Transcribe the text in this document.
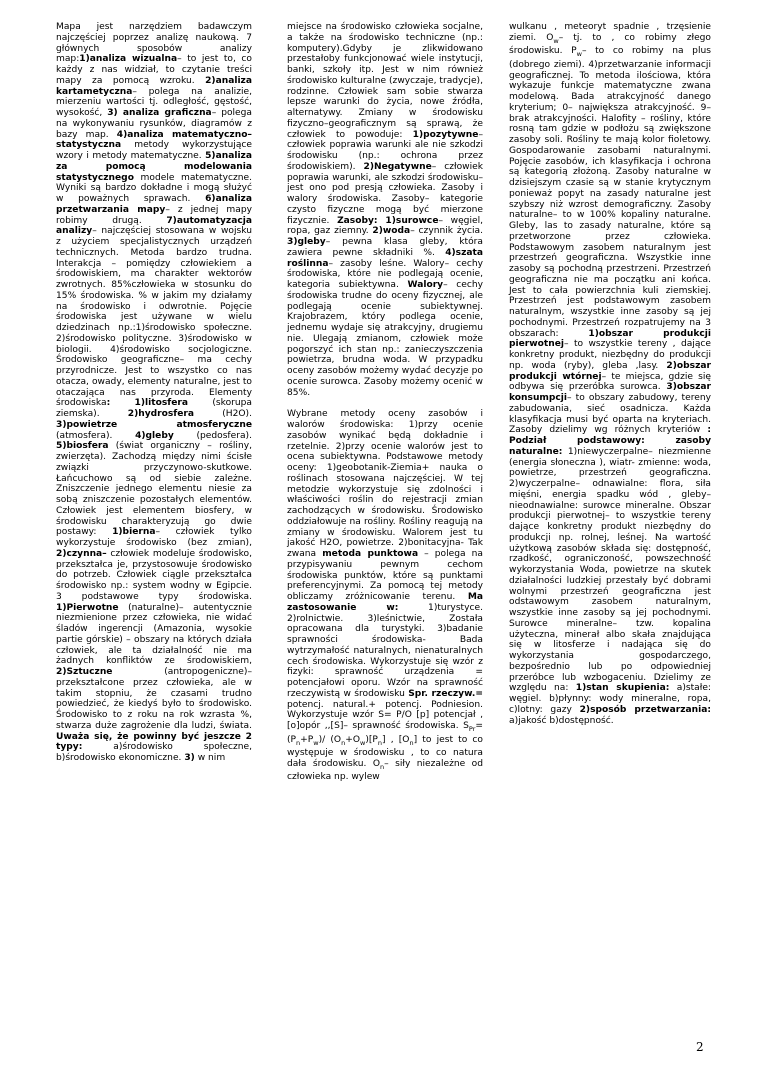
Mapa jest narzędziem badawczym najczęściej poprzez analizę naukową. 7 głównych sposobów analizy map:1)analiza wizualna– to jest to, co każdy z nas widział, to czytanie treści mapy za pomocą wzroku. 2)analiza kartametyczna– polega na analizie, mierzeniu wartości tj. odległość, gęstość, wysokość, 3) analiza graficzna– polega na wykonywaniu rysunków, diagramów z bazy map. 4)analiza matematyczno– statystyczna metody wykorzystujące wzory i metody matematyczne. 5)analiza za pomocą modelowania statystycznego modele matematyczne. Wyniki są bardzo dokładne i mogą służyć w poważnych sprawach. 6)analiza przetwarzania mapy– z jednej mapy robimy drugą. 7)automatyzacja analizy– najczęściej stosowana w wojsku z użyciem specjalistycznych urządzeń technicznych. Metoda bardzo trudna. Interakcja – pomiędzy człowiekiem a środowiskiem, ma charakter wektorów zwrotnych. 85%człowieka w stosunku do 15% środowiska. % w jakim my działamy na środowisko i odwrotnie. Pojęcie środowiska jest używane w wielu dziedzinach np.:1)środowisko społeczne. 2)środowisko polityczne. 3)środowisko w biologii. 4)środowisko socjologiczne. Środowisko geograficzne– ma cechy przyrodnicze. Jest to wszystko co nas otacza, owady, elementy naturalne, jest to otaczająca nas przyroda. Elementy środowiska:	1)litosfera (skorupa ziemska). 2)hydrosfera (H2O). 3)powietrze atmosferyczne (atmosfera). 4)gleby (pedosfera). 5)biosfera (świat organiczny – rośliny, zwierzęta). Zachodzą między nimi ścisłe związki przyczynowo-skutkowe. Łańcuchowo są od siebie zależne. Zniszczenie jednego elementu niesie za sobą zniszczenie pozostałych elementów. Człowiek jest elementem biosfery, w środowisku charakteryzują go dwie postawy: 1)bierna– człowiek tylko wykorzystuje środowisko (bez zmian), 2)czynna– człowiek modeluje środowisko, przekształca je, przystosowuje środowisko do potrzeb. Człowiek ciągle przekształca środowisko np.: system wodny w Egipcie. 3 podstawowe typy środowiska. 1)Pierwotne (naturalne)– autentycznie niezmienione przez człowieka, nie widać śladów ingerencji (Amazonia, wysokie partie górskie) – obszary na których działa człowiek, ale ta działalność nie ma żadnych konfliktów ze środowiskiem, 2)Sztuczne (antropogeniczne)– przekształcone przez człowieka, ale w takim stopniu, że czasami trudno powiedzieć, że kiedyś było to środowisko. Środowisko to z roku na rok wzrasta %, stwarza duże zagrożenie dla ludzi, świata. Uważa się, że powinny być jeszcze 2 typy: a)środowisko społeczne, b)środowisko ekonomiczne. 3) w nim

miejsce na środowisko człowieka socjalne, a także na środowisko techniczne (np.: komputery).Gdyby je zlikwidowano przestałoby funkcjonować wiele instytucji, banki, szkoły itp. Jest w nim również środowisko kulturalne (zwyczaje, tradycje), rodzinne. Człowiek sam sobie stwarza lepsze warunki do życia, nowe źródła, alternatywy. Zmiany w środowisku fizyczno–geograficznym są sprawą, że człowiek to powoduje: 1)pozytywne– człowiek poprawia warunki ale nie szkodzi środowisku (np.: ochrona przez środowiskiem). 2)Negatywne– człowiek poprawia warunki, ale szkodzi środowisku– jest ono pod presją człowieka. Zasoby i walory środowiska. Zasoby– kategorie czysto fizyczne mogą być mierzone fizycznie. Zasoby: 1)surowce– węgiel, ropa, gaz ziemny. 2)woda– czynnik życia. 3)gleby– pewna klasa gleby, która zawiera pewne składniki %. 4)szata roślinna– zasoby leśne. Walory– cechy środowiska, które nie podlegają ocenie, kategoria subiektywna. Walory– cechy środowiska trudne do oceny fizycznej, ale podlegają ocenie subiektywnej. Krajobrazem, który podlega ocenie, jednemu wydaje się atrakcyjny, drugiemu nie. Ulegają zmianom, człowiek może pogorszyć ich stan np.: zanieczyszczenia powietrza, brudna woda. W przypadku oceny zasobów możemy wydać decyzje po ocenie surowca. Zasoby możemy ocenić w 85%.

Wybrane metody oceny zasobów i walorów środowiska: 1)przy ocenie zasobów wynikać będą dokładnie i rzetelnie. 2)przy ocenie walorów jest to ocena subiektywna. Podstawowe metody oceny: 1)geobotanik-Ziemia+ nauka o roślinach stosowana najczęściej. W tej metodzie wykorzystuje się zdolności i właściwości roślin do rejestracji zmian zachodzących w środowisku. Środowisko oddziałowuje na rośliny. Rośliny reagują na zmiany w środowisku. Walorem jest tu jakość H2O, powietrze. 2)bonitacyjna- Tak zwana metoda punktowa – polega na przypisywaniu pewnym cechom środowiska punktów, które są punktami preferencyjnymi. Za pomocą tej metody obliczamy zróżnicowanie terenu. Ma zastosowanie w: 1)turystyce. 2)rolnictwie. 3)leśnictwie, Została opracowana dla turystyki. 3)badanie sprawności środowiska- Bada wytrzymałość naturalnych, nienaturalnych cech środowiska. Wykorzystuje się wzór z fizyki: sprawność urządzenia = potencjałowi oporu. Wzór na sprawność rzeczywistą w środowisku Spr. rzeczyw.= potencj. natural.+ potencj. Podniesion. Wykorzystuje wzór S= P/O [p] potencjał ,[o]opór ,,[S]– sprawność środowiska. $S_{Pr}= (P_n+P_w)/$ $(O_n+O_w)[P_n]$ , $[O_n]$ to jest to co występuje w środowisku , to co natura dała środowisku. $O_n-$ siły niezależne od człowieka np. wylew

wulkanu , meteoryt spadnie , trzęsienie ziemi. $O_w-$ tj. to , co robimy złego środowisku. $P_w-$ to co robimy na plus (dobrego ziemi). 4)przetwarzanie informacji geograficznej. To metoda ilościowa, która wykazuje funkcje matematyczne zwana modelową. Bada atrakcyjność danego kryterium; 0– największa atrakcyjność. 9– brak atrakcyjności. Halofity – rośliny, które rosną tam gdzie w podłożu są zwiększone zasoby soli. Rośliny te mają kolor fioletowy. Gospodarowanie zasobami naturalnymi. Pojęcie zasobów, ich klasyfikacja i ochrona są kategorią złożoną. Zasoby naturalne w dzisiejszym czasie są w stanie krytycznym ponieważ popyt na zasady naturalne jest szybszy niż wzrost demograficzny. Zasoby naturalne– to w 100% kopaliny naturalne. Gleby, las to zasady naturalne, które są przetworzone przez człowieka. Podstawowym zasobem naturalnym jest przestrzeń geograficzna. Wszystkie inne zasoby są pochodną przestrzeni. Przestrzeń geograficzna nie ma początku ani końca. Jest to cała powierzchnia kuli ziemskiej. Przestrzeń jest podstawowym zasobem naturalnym, wszystkie inne zasoby są jej pochodnymi. Przestrzeń rozpatrujemy na 3 obszarach: 1)obszar produkcji pierwotnej– to wszystkie tereny , dające konkretny produkt, niezbędny do produkcji np. woda (ryby), gleba ,lasy. 2)obszar produkcji wtórnej– te miejsca, gdzie się odbywa się przeróbka surowca. 3)obszar konsumpcji– to obszary zabudowy, tereny zabudowania, sieć osadnicza. Każda klasyfikacja musi być oparta na kryteriach. Zasoby dzielimy wg różnych kryteriów : Podział podstawowy: zasoby naturalne: 1)niewyczerpalne– niezmienne (energia słoneczna ), wiatr- zmienne: woda, powietrze, przestrzeń geograficzna. 2)wyczerpalne– odnawialne: flora, siła mięśni, energia spadku wód , gleby– nieodnawialne: surowce mineralne. Obszar produkcji pierwotnej– to wszystkie tereny dające konkretny produkt niezbędny do produkcji np. rolnej, leśnej. Na wartość użytkową zasobów składa się: dostępność, rzadkość, ograniczoność, powszechność wykorzystania Woda, powietrze na skutek działalności ludzkiej przestały być dobrami wolnymi przestrzeń geograficzna jest odstawowym zasobem naturalnym, wszystkie inne zasoby są jej pochodnymi. Surowce mineralne– tzw. kopalina użyteczna, minerał albo skała znajdująca się w litosferze i nadająca się do wykorzystania gospodarczego, bezpośrednio lub po odpowiedniej przeróbce lub wzbogaceniu. Dzielimy ze względu na: 1)stan skupienia: a)stałe: węgiel. b)płynny: wody mineralne, ropa, c)lotny: gazy 2)sposób przetwarzania: a)jakość b)dostępność.

2
